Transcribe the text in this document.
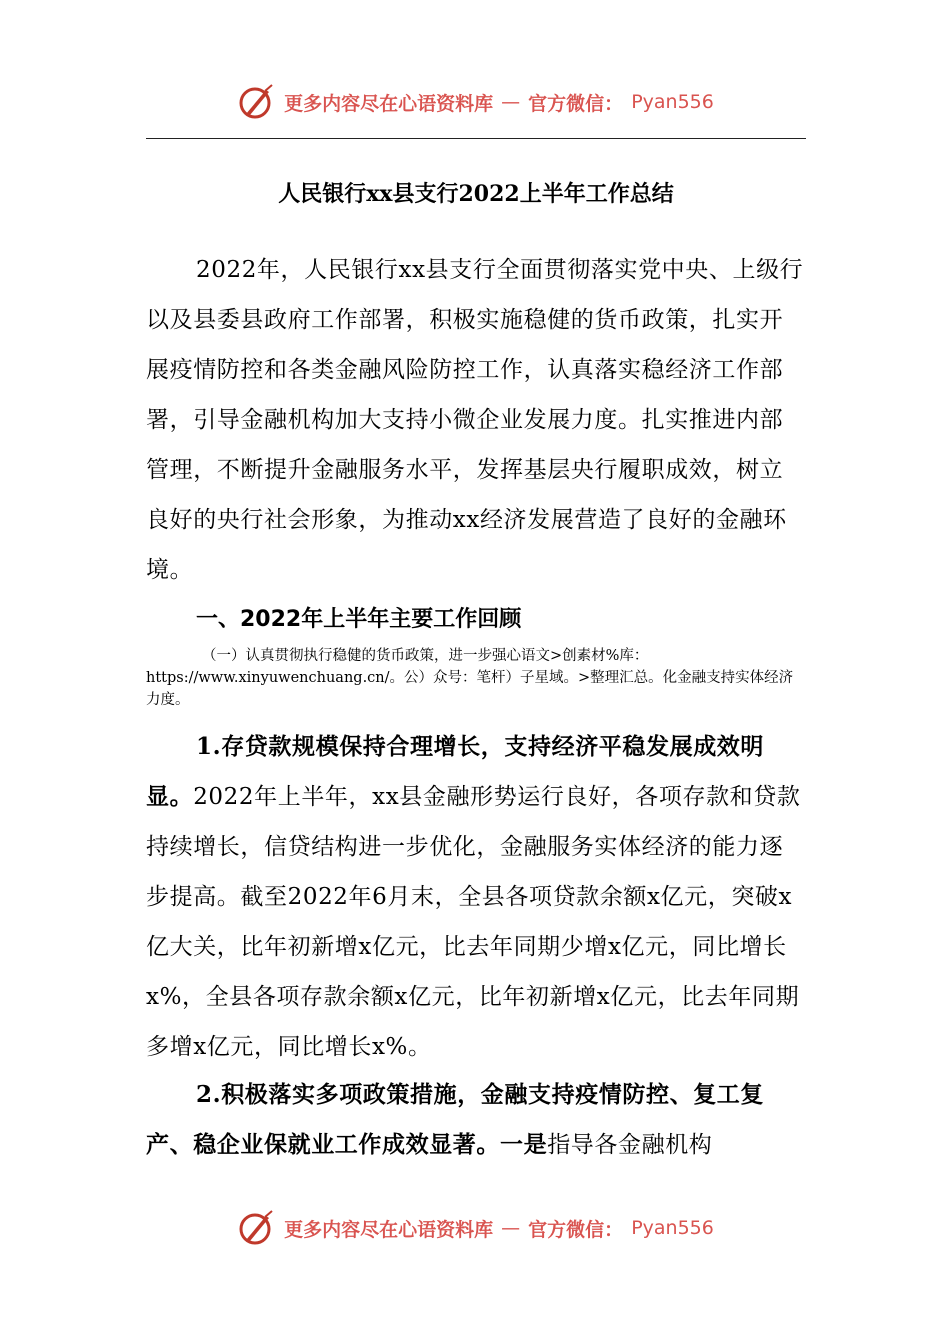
更多内容尽在心语资料库 — 官方微信： Pyan556
人民银行xx县支行2022上半年工作总结

2022年，人民银行xx县支行全面贯彻落实党中央、上级行以及县委县政府工作部署，积极实施稳健的货币政策，扎实开展疫情防控和各类金融风险防控工作，认真落实稳经济工作部署，引导金融机构加大支持小微企业发展力度。扎实推进内部管理，不断提升金融服务水平，发挥基层央行履职成效，树立良好的央行社会形象，为推动xx经济发展营造了良好的金融环境。

一、2022年上半年主要工作回顾

（一）认真贯彻执行稳健的货币政策，进一步强心语文>创素材%库：https://www.xinyuwenchuang.cn/。公）众号：笔杆）子星域。>整理汇总。化金融支持实体经济力度。

1.存贷款规模保持合理增长，支持经济平稳发展成效明显。2022年上半年，xx县金融形势运行良好，各项存款和贷款持续增长，信贷结构进一步优化，金融服务实体经济的能力逐步提高。截至2022年6月末，全县各项贷款余额x亿元，突破x亿大关，比年初新增x亿元，比去年同期少增x亿元，同比增长x%，全县各项存款余额x亿元，比年初新增x亿元，比去年同期多增x亿元，同比增长x%。

2.积极落实多项政策措施，金融支持疫情防控、复工复产、稳企业保就业工作成效显著。一是指导各金融机构

更多内容尽在心语资料库 — 官方微信： Pyan556
